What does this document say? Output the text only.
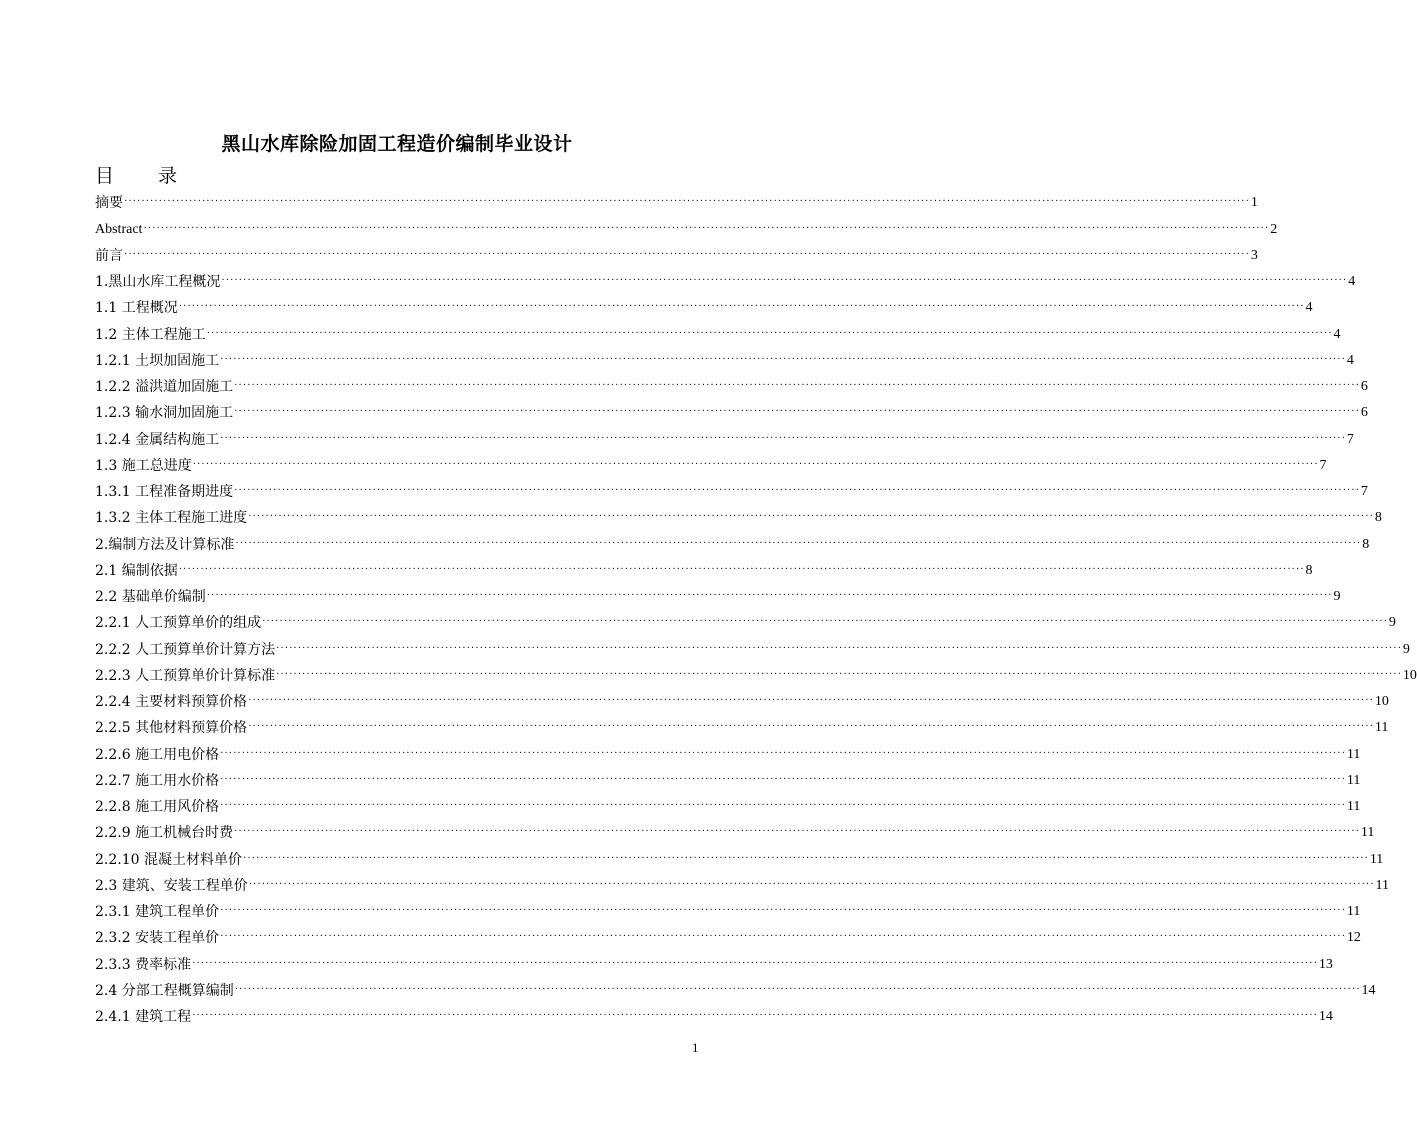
黑山水库除险加固工程造价编制毕业设计
目 录
摘要 ···································································································································································································································································· 1
Abstract ···································································································································································································································································· 2
前言 ···································································································································································································································································· 3
1.黑山水库工程概况 ···································································································································································································································································· 4
1.1 工程概况 ···································································································································································································································································· 4
1.2 主体工程施工 ···································································································································································································································································· 4
1.2.1 土坝加固施工 ···································································································································································································································································· 4
1.2.2 溢洪道加固施工 ···································································································································································································································································· 6
1.2.3 输水洞加固施工 ···································································································································································································································································· 6
1.2.4 金属结构施工 ···································································································································································································································································· 7
1.3 施工总进度 ···································································································································································································································································· 7
1.3.1 工程准备期进度 ···································································································································································································································································· 7
1.3.2 主体工程施工进度 ···································································································································································································································································· 8
2.编制方法及计算标准 ···································································································································································································································································· 8
2.1 编制依据 ···································································································································································································································································· 8
2.2 基础单价编制 ···································································································································································································································································· 9
2.2.1 人工预算单价的组成 ···································································································································································································································································· 9
2.2.2 人工预算单价计算方法 ···································································································································································································································································· 9
2.2.3 人工预算单价计算标准 ···································································································································································································································································· 10
2.2.4 主要材料预算价格 ···································································································································································································································································· 10
2.2.5 其他材料预算价格 ···································································································································································································································································· 11
2.2.6 施工用电价格 ···································································································································································································································································· 11
2.2.7 施工用水价格 ···································································································································································································································································· 11
2.2.8 施工用风价格 ···································································································································································································································································· 11
2.2.9 施工机械台时费 ···································································································································································································································································· 11
2.2.10 混凝土材料单价 ···································································································································································································································································· 11
2.3 建筑、安装工程单价 ···································································································································································································································································· 11
2.3.1 建筑工程单价 ···································································································································································································································································· 11
2.3.2 安装工程单价 ···································································································································································································································································· 12
2.3.3 费率标准 ···································································································································································································································································· 13
2.4 分部工程概算编制 ···································································································································································································································································· 14
2.4.1 建筑工程 ···································································································································································································································································· 14
1
